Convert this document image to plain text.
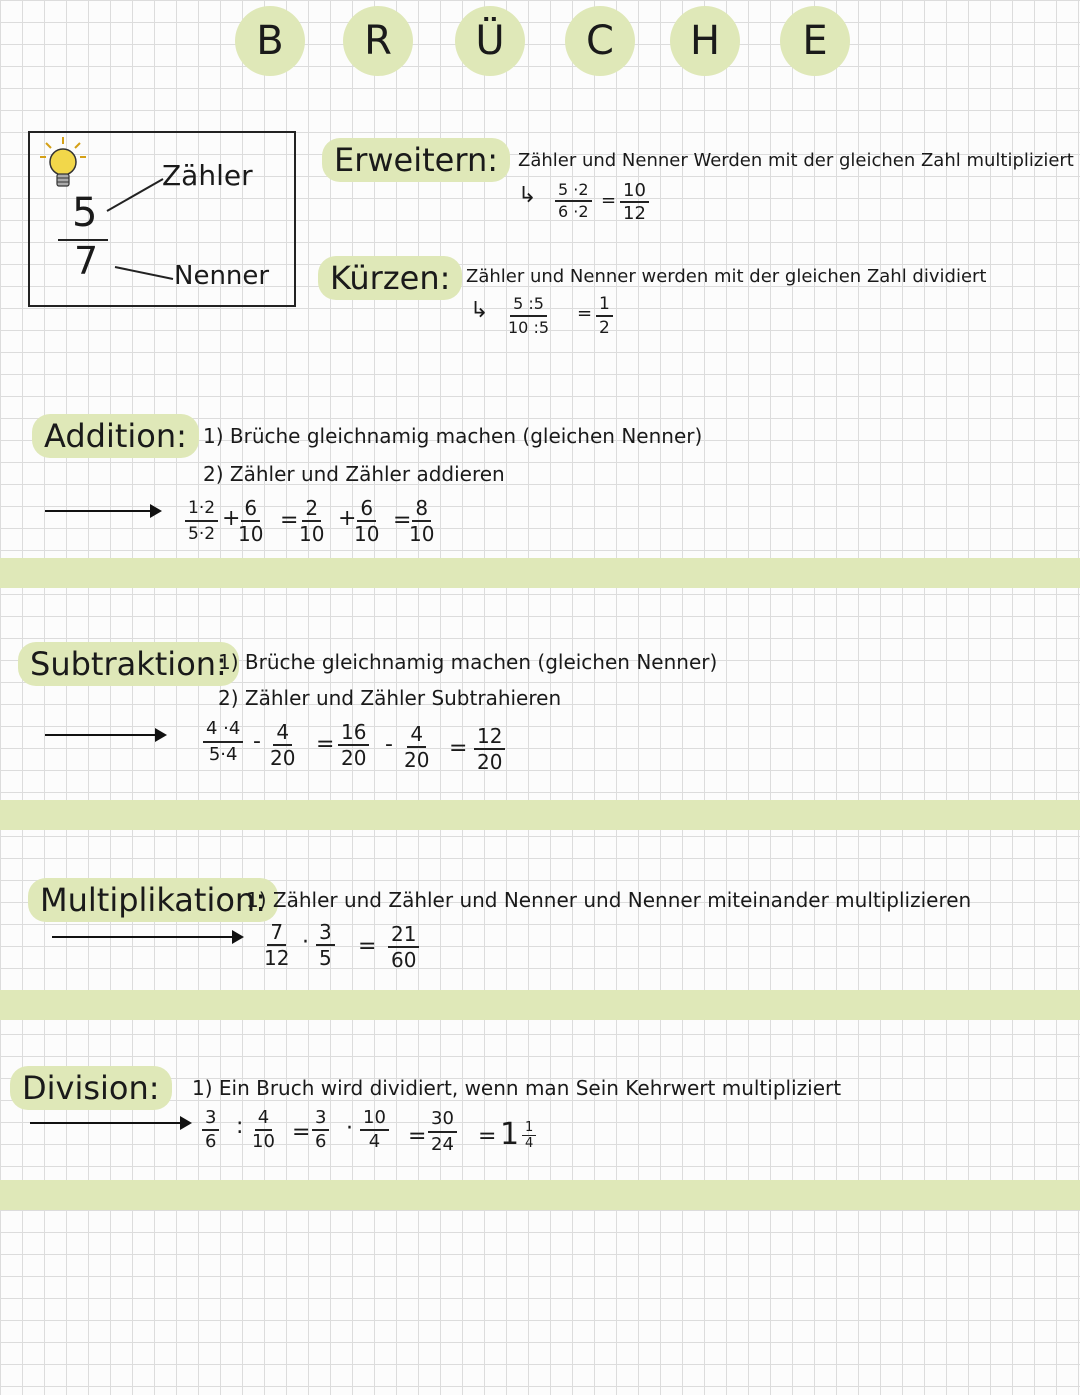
B	R	Ü	C	H	E
5
7
Zähler
Nenner
Erweitern:	Zähler und Nenner Werden mit der gleichen Zahl multipliziert
↳ $\frac{5 \cdot 2}{6 \cdot 2} = \frac{10}{12}$
Kürzen: Zähler und Nenner werden mit der gleichen Zahl dividiert
↳ $\frac{5 :5}{10 :5} = \frac{1}{2}$
Addition: 1) Brüche gleichnamig machen (gleichen Nenner)
2) Zähler und Zähler addieren
$\frac{1\cdot 2}{5\cdot 2}$ +
$\frac{6}{10} = \frac{2}{10}$ +
$\frac{6}{10}$ =
$\frac{8}{10}$
Subtraktion:
1) Brüche gleichnamig machen (gleichen Nenner)
2) Zähler und Zähler Subtrahieren
$\frac{4 \cdot 4}{5\cdot 4} - \frac{4}{20} = \frac{16}{20} - \frac{4}{20} = \frac{12}{20}$
Multiplikation:
1) Zähler und Zähler und Nenner und Nenner miteinander multiplizieren
$\frac{7}{12} \cdot \frac{3}{5} = \frac{21}{60}$
Division:	1) Ein Bruch wird dividiert, wenn man Sein Kehrwert multipliziert
$\frac{3}{6}$ : $\frac{4}{10} = \frac{3}{6} \cdot \frac{10}{4} = \frac{30}{24} = 1 \frac{1}{4}$
